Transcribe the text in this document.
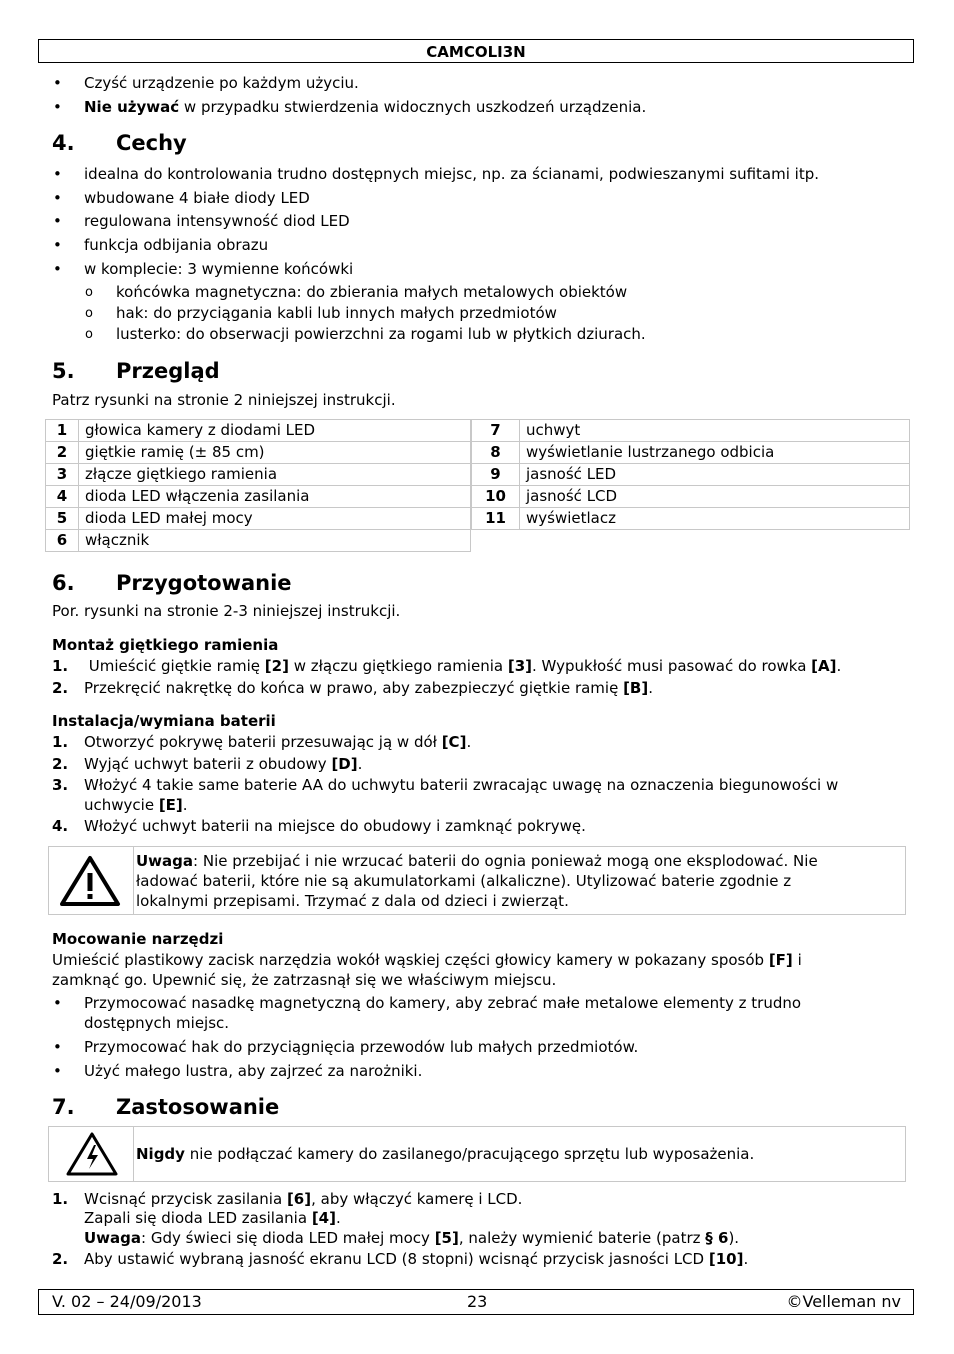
CAMCOLI3N
• Czyść urządzenie po każdym użyciu.
• Nie używać w przypadku stwierdzenia widocznych uszkodzeń urządzenia.
4. Cechy
• idealna do kontrolowania trudno dostępnych miejsc, np. za ścianami, podwieszanymi sufitami itp.
• wbudowane 4 białe diody LED
• regulowana intensywność diod LED
• funkcja odbijania obrazu
• w komplecie: 3 wymienne końcówki
o końcówka magnetyczna: do zbierania małych metalowych obiektów
o hak: do przyciągania kabli lub innych małych przedmiotów
o lusterko: do obserwacji powierzchni za rogami lub w płytkich dziurach.
5. Przegląd
Patrz rysunki na stronie 2 niniejszej instrukcji.
1	głowica kamery z diodami LED
2	giętkie ramię (± 85 cm)
3	złącze giętkiego ramienia
4	dioda LED włączenia zasilania
5	dioda LED małej mocy
6	włącznik
7	uchwyt
8	wyświetlanie lustrzanego odbicia
9	jasność LED
10	jasność LCD
11	wyświetlacz
6. Przygotowanie
Por. rysunki na stronie 2-3 niniejszej instrukcji.
Montaż giętkiego ramienia
1. Umieścić giętkie ramię [2] w złączu giętkiego ramienia [3]. Wypukłość musi pasować do rowka [A].
2. Przekręcić nakrętkę do końca w prawo, aby zabezpieczyć giętkie ramię [B].
Instalacja/wymiana baterii
1. Otworzyć pokrywę baterii przesuwając ją w dół [C].
2. Wyjąć uchwyt baterii z obudowy [D].
3. Włożyć 4 takie same baterie AA do uchwytu baterii zwracając uwagę na oznaczenia biegunowości w
uchwycie [E].
4. Włożyć uchwyt baterii na miejsce do obudowy i zamknąć pokrywę.
Uwaga: Nie przebijać i nie wrzucać baterii do ognia ponieważ mogą one eksplodować. Nie
ładować baterii, które nie są akumulatorkami (alkaliczne). Utylizować baterie zgodnie z
lokalnymi przepisami. Trzymać z dala od dzieci i zwierząt.
Mocowanie narzędzi
Umieścić plastikowy zacisk narzędzia wokół wąskiej części głowicy kamery w pokazany sposób [F] i
zamknąć go. Upewnić się, że zatrzasnął się we właściwym miejscu.
• Przymocować nasadkę magnetyczną do kamery, aby zebrać małe metalowe elementy z trudno
dostępnych miejsc.
• Przymocować hak do przyciągnięcia przewodów lub małych przedmiotów.
• Użyć małego lustra, aby zajrzeć za narożniki.
7. Zastosowanie
Nigdy nie podłączać kamery do zasilanego/pracującego sprzętu lub wyposażenia.
1. Wcisnąć przycisk zasilania [6], aby włączyć kamerę i LCD.
Zapali się dioda LED zasilania [4].
Uwaga: Gdy świeci się dioda LED małej mocy [5], należy wymienić baterie (patrz § 6).
2. Aby ustawić wybraną jasność ekranu LCD (8 stopni) wcisnąć przycisk jasności LCD [10].
V. 02 – 24/09/2013	23	©Velleman nv
